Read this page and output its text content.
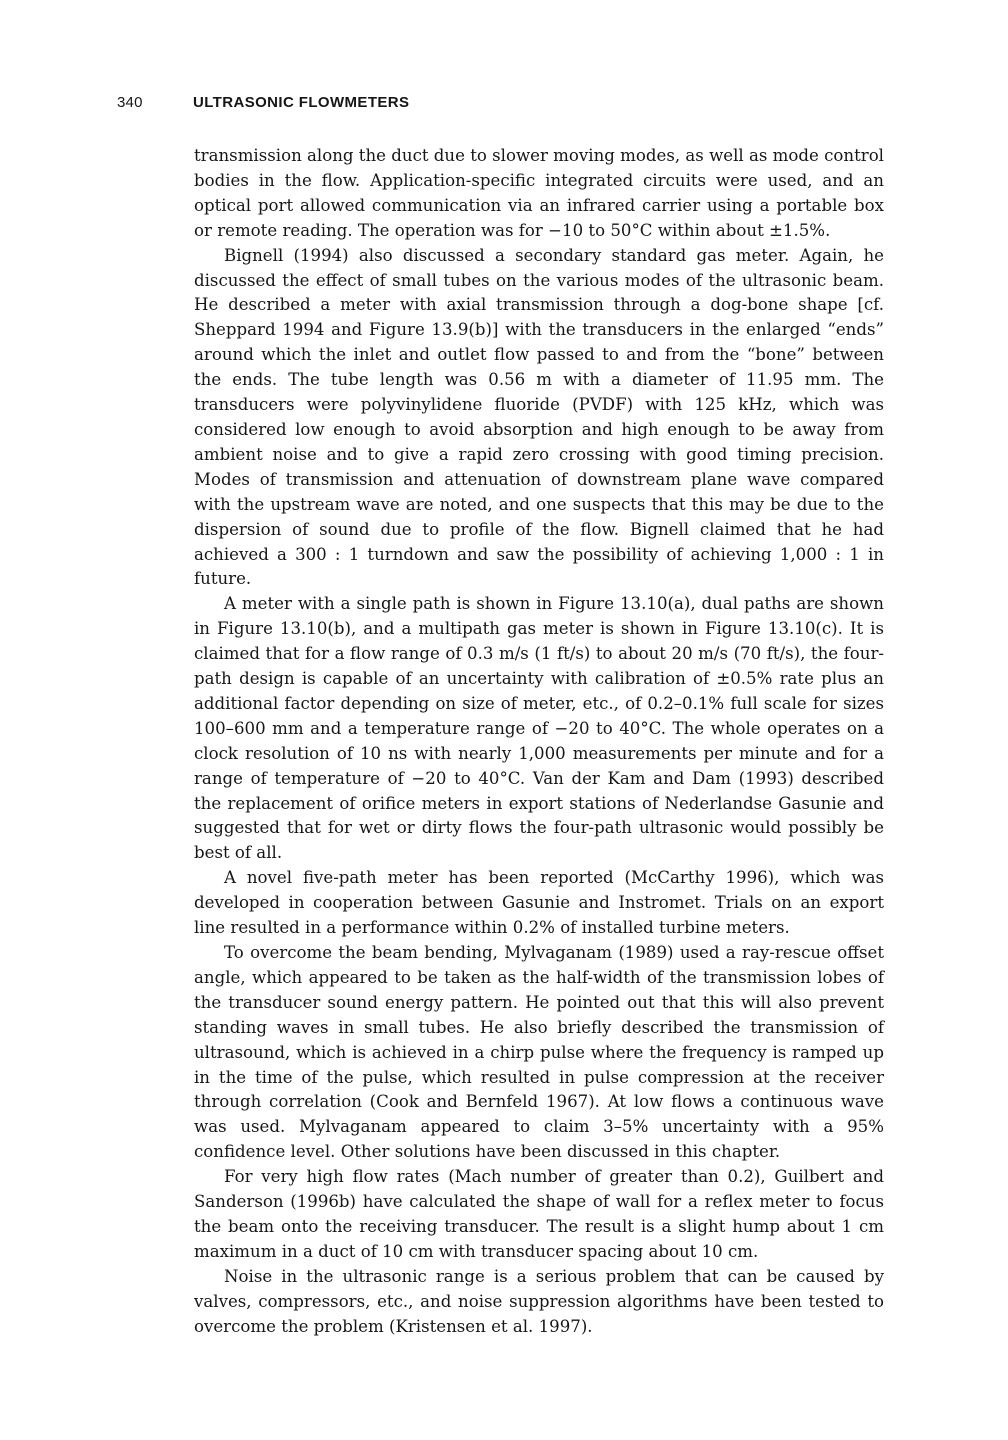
340	ULTRASONIC FLOWMETERS

transmission along the duct due to slower moving modes, as well as mode control bodies in the flow. Application-specific integrated circuits were used, and an optical port allowed communication via an infrared carrier using a portable box or remote reading. The operation was for −10 to 50°C within about ±1.5%.

Bignell (1994) also discussed a secondary standard gas meter. Again, he discussed the effect of small tubes on the various modes of the ultrasonic beam. He described a meter with axial transmission through a dog-bone shape [cf. Sheppard 1994 and Figure 13.9(b)] with the transducers in the enlarged “ends” around which the inlet and outlet flow passed to and from the “bone” between the ends. The tube length was 0.56 m with a diameter of 11.95 mm. The transducers were polyvinylidene fluoride (PVDF) with 125 kHz, which was considered low enough to avoid absorption and high enough to be away from ambient noise and to give a rapid zero crossing with good timing precision. Modes of transmission and attenuation of downstream plane wave compared with the upstream wave are noted, and one suspects that this may be due to the dispersion of sound due to profile of the flow. Bignell claimed that he had achieved a 300 : 1 turndown and saw the possibility of achieving 1,000 : 1 in future.

A meter with a single path is shown in Figure 13.10(a), dual paths are shown in Figure 13.10(b), and a multipath gas meter is shown in Figure 13.10(c). It is claimed that for a flow range of 0.3 m/s (1 ft/s) to about 20 m/s (70 ft/s), the four-path design is capable of an uncertainty with calibration of ±0.5% rate plus an additional factor depending on size of meter, etc., of 0.2–0.1% full scale for sizes 100–600 mm and a temperature range of −20 to 40°C. The whole operates on a clock resolution of 10 ns with nearly 1,000 measurements per minute and for a range of temperature of −20 to 40°C. Van der Kam and Dam (1993) described the replacement of orifice meters in export stations of Nederlandse Gasunie and suggested that for wet or dirty flows the four-path ultrasonic would possibly be best of all.

A novel five-path meter has been reported (McCarthy 1996), which was developed in cooperation between Gasunie and Instromet. Trials on an export line resulted in a performance within 0.2% of installed turbine meters.

To overcome the beam bending, Mylvaganam (1989) used a ray-rescue offset angle, which appeared to be taken as the half-width of the transmission lobes of the transducer sound energy pattern. He pointed out that this will also prevent standing waves in small tubes. He also briefly described the transmission of ultrasound, which is achieved in a chirp pulse where the frequency is ramped up in the time of the pulse, which resulted in pulse compression at the receiver through correlation (Cook and Bernfeld 1967). At low flows a continuous wave was used. Mylvaganam appeared to claim 3–5% uncertainty with a 95% confidence level. Other solutions have been discussed in this chapter.

For very high flow rates (Mach number of greater than 0.2), Guilbert and Sanderson (1996b) have calculated the shape of wall for a reflex meter to focus the beam onto the receiving transducer. The result is a slight hump about 1 cm maximum in a duct of 10 cm with transducer spacing about 10 cm.

Noise in the ultrasonic range is a serious problem that can be caused by valves, compressors, etc., and noise suppression algorithms have been tested to overcome the problem (Kristensen et al. 1997).
